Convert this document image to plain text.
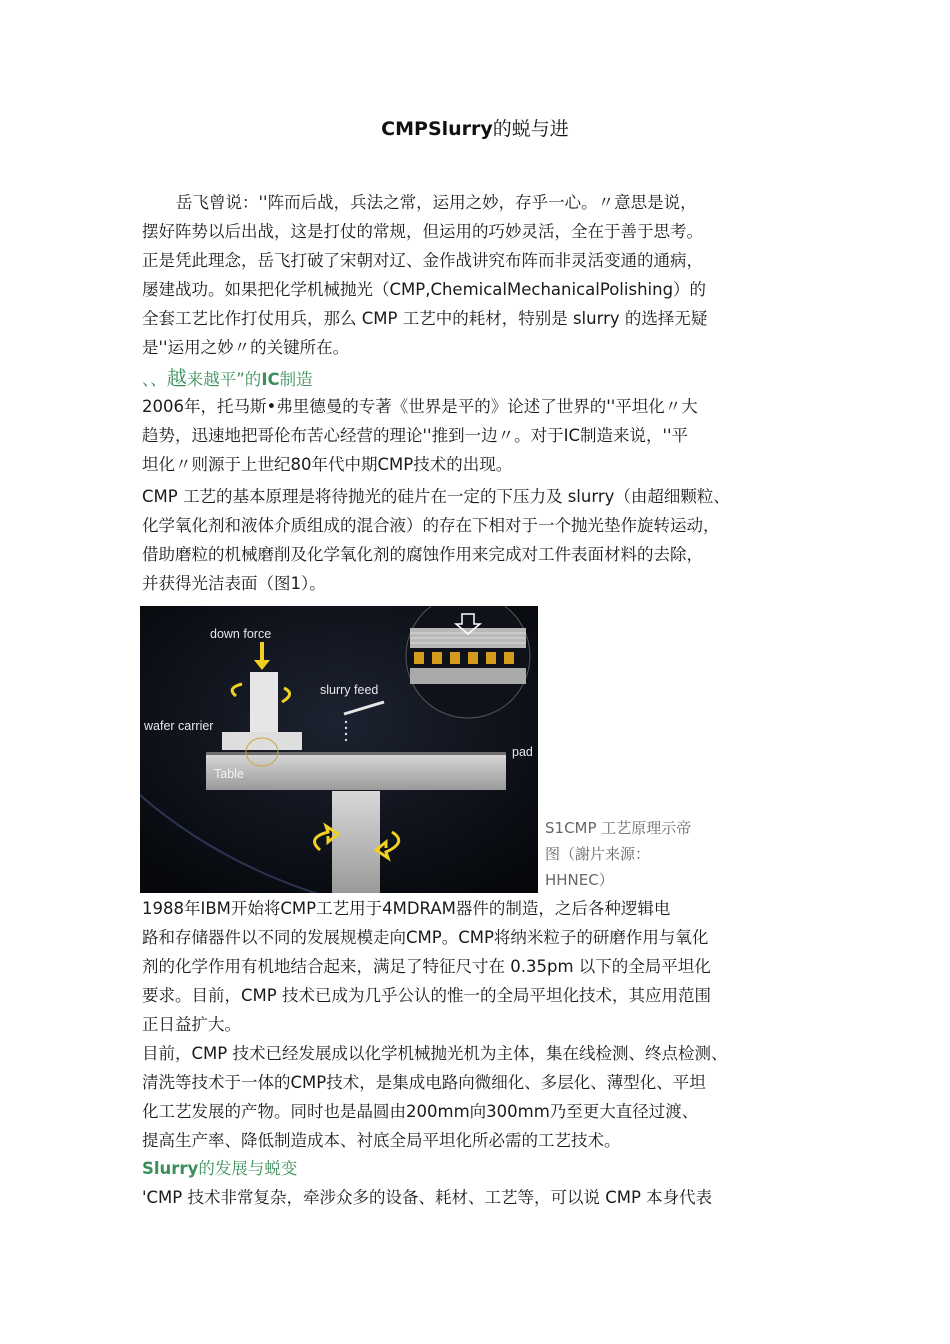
CMPSlurry的蜕与进
岳飞曾说：''阵而后战，兵法之常，运用之妙，存乎一心。〃意思是说，
摆好阵势以后出战，这是打仗的常规，但运用的巧妙灵活，全在于善于思考。
正是凭此理念，岳飞打破了宋朝对辽、金作战讲究布阵而非灵活变通的通病，
屡建战功。如果把化学机械抛光（CMP,ChemicalMechanicalPolishing）的
全套工艺比作打仗用兵，那么 CMP 工艺中的耗材，特别是 slurry 的选择无疑
是''运用之妙〃的关键所在。
、、越来越平”的IC制造
2006年，托马斯•弗里德曼的专著《世界是平的》论述了世界的''平坦化〃大
趋势，迅速地把哥伦布苦心经营的理论''推到一边〃。对于IC制造来说，''平
坦化〃则源于上世纪80年代中期CMP技术的出现。
CMP 工艺的基本原理是将待抛光的硅片在一定的下压力及 slurry（由超细颗粒、
化学氧化剂和液体介质组成的混合液）的存在下相对于一个抛光垫作旋转运动，
借助磨粒的机械磨削及化学氧化剂的腐蚀作用来完成对工件表面材料的去除，
并获得光洁表面（图1）。
down force
slurry feed
wafer carrier
pad
Table
S1CMP 工艺原理示帝
图（謝片来源：
HHNEC）
1988年IBM开始将CMP工艺用于4MDRAM器件的制造，之后各种逻辑电
路和存储器件以不同的发展规模走向CMP。CMP将纳米粒子的研磨作用与氧化
剂的化学作用有机地结合起来，满足了特征尺寸在 0.35pm 以下的全局平坦化
要求。目前，CMP 技术已成为几乎公认的惟一的全局平坦化技术，其应用范围
正日益扩大。
目前，CMP 技术已经发展成以化学机械抛光机为主体，集在线检测、终点检测、
清洗等技术于一体的CMP技术，是集成电路向微细化、多层化、薄型化、平坦
化工艺发展的产物。同时也是晶圆由200mm向300mm乃至更大直径过渡、
提高生产率、降低制造成本、衬底全局平坦化所必需的工艺技术。
Slurry的发展与蜕变
'CMP 技术非常复杂，牵涉众多的设备、耗材、工艺等，可以说 CMP 本身代表
